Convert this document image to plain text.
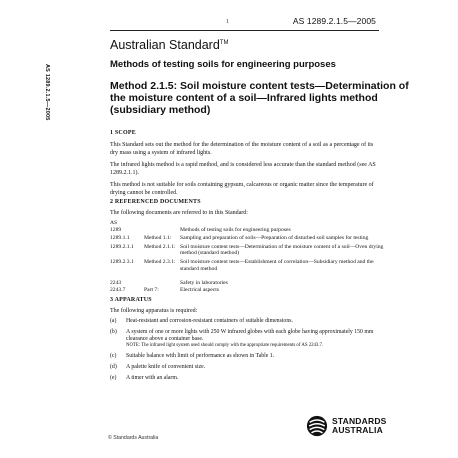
1	AS 1289.2.1.5—2005
Australian Standard™
AS 1289.2.1.5—2005	Methods of testing soils for engineering purposes
Method 2.1.5: Soil moisture content tests—Determination of the moisture content of a soil—Infrared lights method (subsidiary method)
1 SCOPE

This Standard sets out the method for the determination of the moisture content of a soil as a percentage of its dry mass using a system of infrared lights.

The infrared lights method is a rapid method, and is considered less accurate than the standard method (see AS 1289.2.1.1).

This method is not suitable for soils containing gypsum, calcareous or organic matter since the temperature of drying cannot be controlled.

2 REFERENCED DOCUMENTS

The following documents are referred to in this Standard:

AS
1289	Methods of testing soils for engineering purposes
1289.1.1	Method 1.1:	Sampling and preparation of soils—Preparation of disturbed soil samples for testing
1289.2.1.1	Method 2.1.1: Soil moisture content tests—Determination of the moisture content of a soil—Oven drying method (standard method)
1289.2.3.1	Method 2.3.1: Soil moisture content tests—Establishment of correlation—Subsidiary method and the standard method
2243	Safety in laboratories
2243.7	Part 7:	Electrical aspects
3 APPARATUS

The following apparatus is required:

(a)	Heat-resistant and corrosion-resistant containers of suitable dimensions.
(b)	A system of one or more lights with 250 W infrared globes with each globe having approximately 150 mm clearance above a container base.
NOTE: The infrared light system used should comply with the appropriate requirements of AS 2243.7.
(c)	Suitable balance with limit of performance as shown in Table 1.
(d)	A palette knife of convenient size.
(e)	A timer with an alarm.
© Standards Australia
STANDARDS
AUSTRALIA
